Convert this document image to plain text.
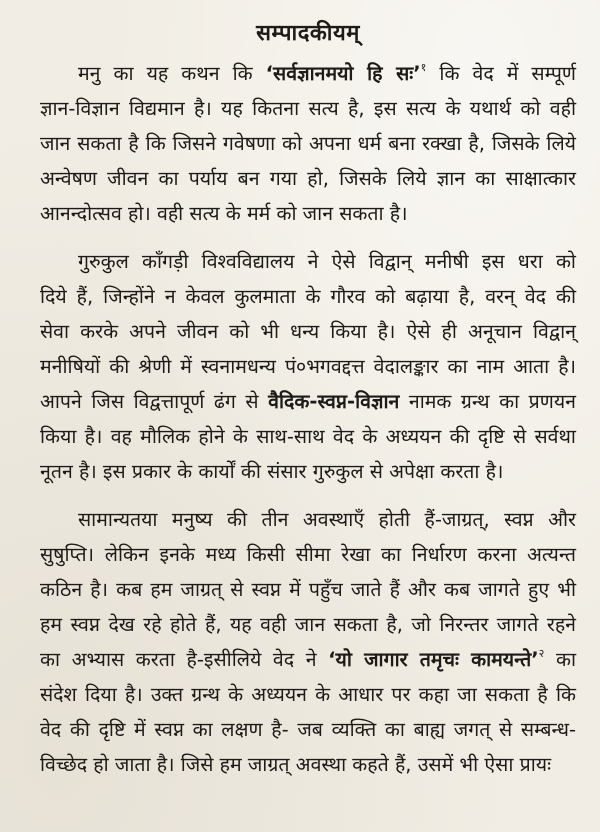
सम्पादकीयम्
मनु का यह कथन कि ‘सर्वज्ञानमयो हि सः’$^१$ कि वेद में सम्पूर्ण
ज्ञान-विज्ञान विद्यमान है। यह कितना सत्य है, इस सत्य के यथार्थ को वही
जान सकता है कि जिसने गवेषणा को अपना धर्म बना रक्खा है, जिसके लिये
अन्वेषण जीवन का पर्याय बन गया हो, जिसके लिये ज्ञान का साक्षात्कार
आनन्दोत्सव हो। वही सत्य के मर्म को जान सकता है।
गुरुकुल काँगड़ी विश्वविद्यालय ने ऐसे विद्वान् मनीषी इस धरा को
दिये हैं, जिन्होंने न केवल कुलमाता के गौरव को बढ़ाया है, वरन् वेद की
सेवा करके अपने जीवन को भी धन्य किया है। ऐसे ही अनूचान विद्वान्
मनीषियों की श्रेणी में स्वनामधन्य पं०भगवद्दत्त वेदालङ्कार का नाम आता है।
आपने जिस विद्वत्तापूर्ण ढंग से वैदिक-स्वप्न-विज्ञान नामक ग्रन्थ का प्रणयन
किया है। वह मौलिक होने के साथ-साथ वेद के अध्ययन की दृष्टि से सर्वथा
नूतन है। इस प्रकार के कार्यों की संसार गुरुकुल से अपेक्षा करता है।
सामान्यतया मनुष्य की तीन अवस्थाएँ होती हैं-जाग्रत्, स्वप्न और
सुषुप्ति। लेकिन इनके मध्य किसी सीमा रेखा का निर्धारण करना अत्यन्त
कठिन है। कब हम जाग्रत् से स्वप्न में पहुँच जाते हैं और कब जागते हुए भी
हम स्वप्न देख रहे होते हैं, यह वही जान सकता है, जो निरन्तर जागते रहने
का अभ्यास करता है-इसीलिये वेद ने ‘यो जागार तमृचः कामयन्ते’$^२$ का
संदेश दिया है। उक्त ग्रन्थ के अध्ययन के आधार पर कहा जा सकता है कि
वेद की दृष्टि में स्वप्न का लक्षण है- जब व्यक्ति का बाह्य जगत् से सम्बन्ध-
विच्छेद हो जाता है। जिसे हम जाग्रत् अवस्था कहते हैं, उसमें भी ऐसा प्रायः
